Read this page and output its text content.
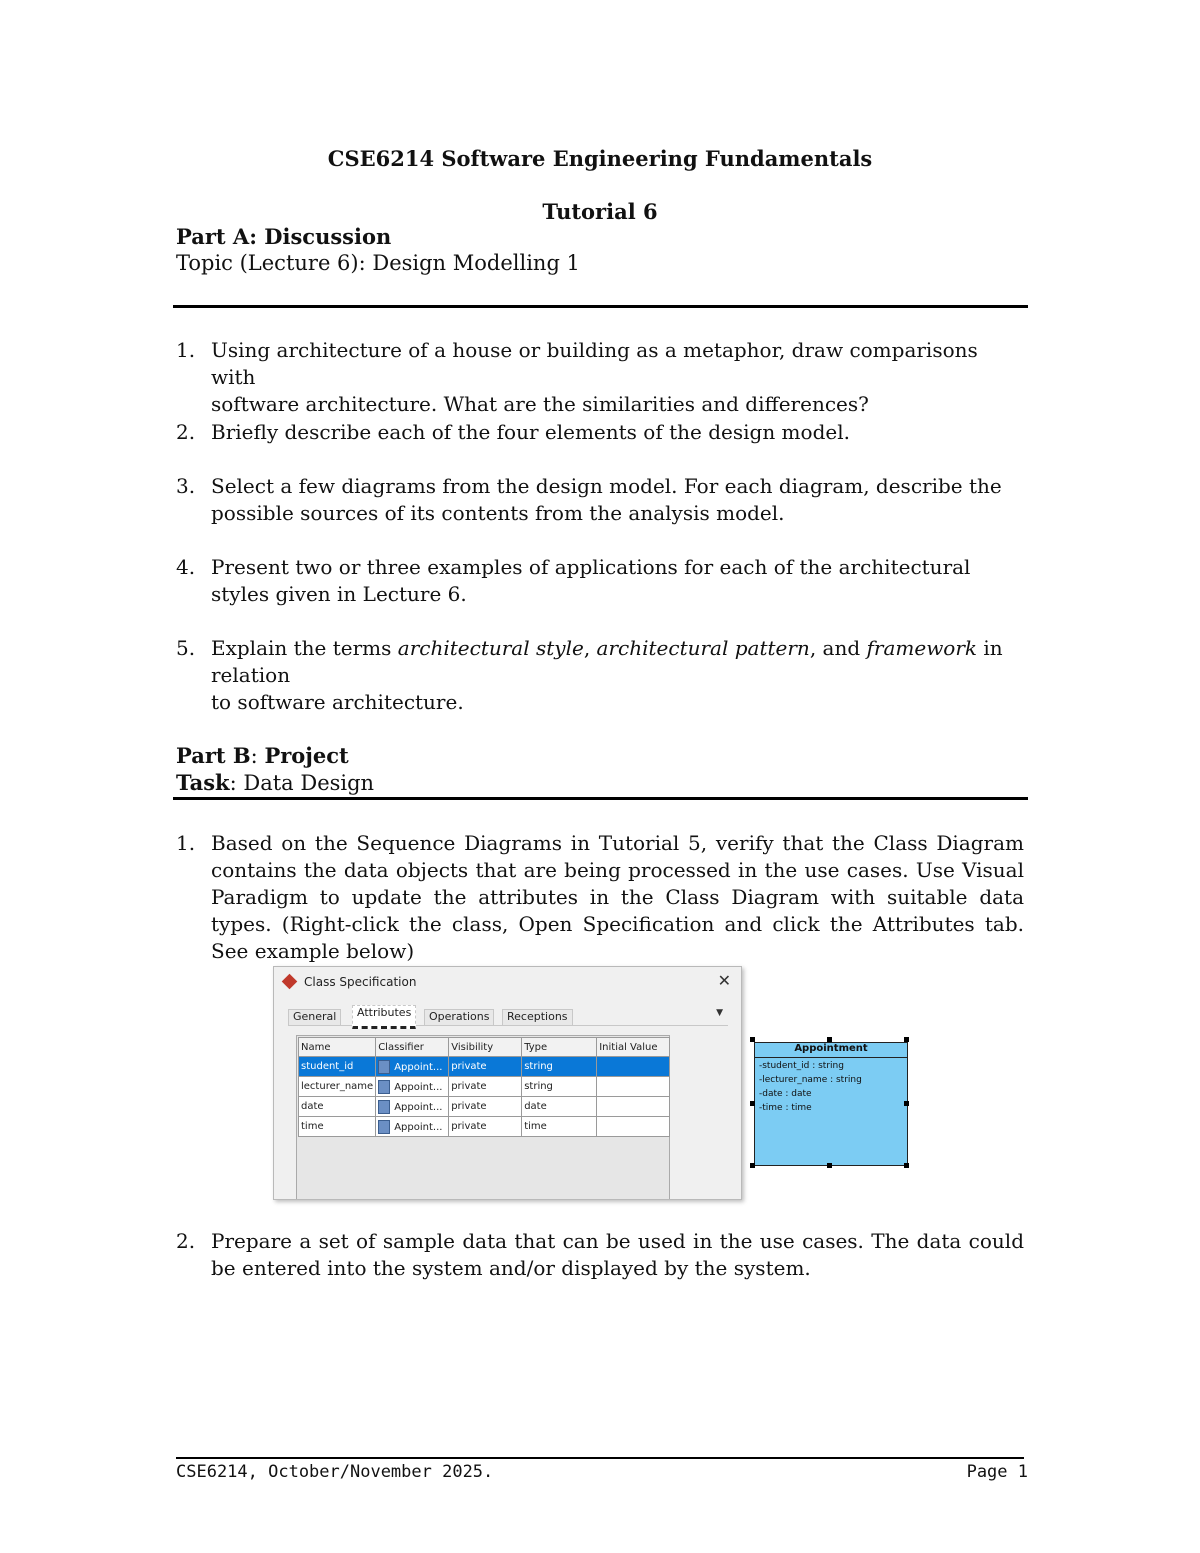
CSE6214 Software Engineering Fundamentals
Tutorial 6
Part A: Discussion
Topic (Lecture 6): Design Modelling 1
1. Using architecture of a house or building as a metaphor, draw comparisons with
software architecture. What are the similarities and differences?
2. Briefly describe each of the four elements of the design model.
3. Select a few diagrams from the design model. For each diagram, describe the
possible sources of its contents from the analysis model.
4. Present two or three examples of applications for each of the architectural
styles given in Lecture 6.
5. Explain the terms architectural style, architectural pattern, and framework in relation
to software architecture.
Part B: Project
Task: Data Design
1. Based on the Sequence Diagrams in Tutorial 5, verify that the Class Diagram contains the data objects that are being processed in the use cases. Use Visual Paradigm to update the attributes in the Class Diagram with suitable data types. (Right-click the class, Open Specification and click the Attributes tab. See example below)
Class Specification	✕
General	Attributes	Operations	Receptions	▼
Name	Classifier	Visibility	Type	Initial Value
student_id	Appoint...	private	string	
lecturer_name	Appoint...	private	string	
date	Appoint...	private	date	
time	Appoint...	private	time	
Appointment
-student_id : string
-lecturer_name : string
-date : date
-time : time
2. Prepare a set of sample data that can be used in the use cases. The data could be entered into the system and/or displayed by the system.
CSE6214, October/November 2025.	Page 1
